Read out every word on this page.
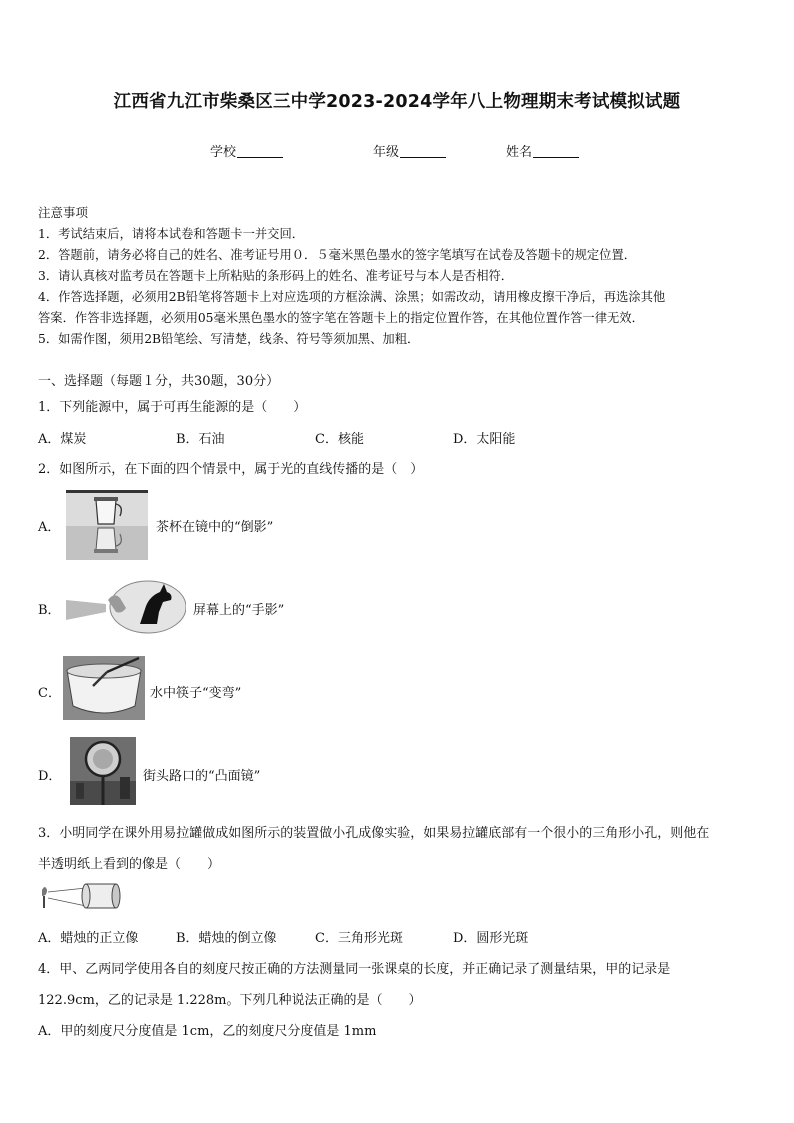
江西省九江市柴桑区三中学2023-2024学年八上物理期末考试模拟试题
学校	年级	姓名
注意事项
1．考试结束后，请将本试卷和答题卡一并交回．
2．答题前，请务必将自己的姓名、准考证号用０．５毫米黑色墨水的签字笔填写在试卷及答题卡的规定位置．
3．请认真核对监考员在答题卡上所粘贴的条形码上的姓名、准考证号与本人是否相符．
4．作答选择题，必须用2B铅笔将答题卡上对应选项的方框涂满、涂黑；如需改动，请用橡皮擦干净后，再选涂其他
答案．作答非选择题，必须用05毫米黑色墨水的签字笔在答题卡上的指定位置作答，在其他位置作答一律无效．
5．如需作图，须用2B铅笔绘、写清楚，线条、符号等须加黑、加粗．
一、选择题（每题１分，共30题，30分）
1．下列能源中，属于可再生能源的是（　　）
A．煤炭	B．石油	C．核能	D．太阳能
2．如图所示，在下面的四个情景中，属于光的直线传播的是（　）
A．	茶杯在镜中的“倒影”
B．	屏幕上的“手影”
C．	水中筷子“变弯”
D．	街头路口的“凸面镜”
3．小明同学在课外用易拉罐做成如图所示的装置做小孔成像实验，如果易拉罐底部有一个很小的三角形小孔，则他在
半透明纸上看到的像是（　　）
A．蜡烛的正立像	B．蜡烛的倒立像	C．三角形光斑	D．圆形光斑
4．甲、乙两同学使用各自的刻度尺按正确的方法测量同一张课桌的长度，并正确记录了测量结果，甲的记录是
122.9cm，乙的记录是 1.228m。下列几种说法正确的是（　　）
A．甲的刻度尺分度值是 1cm，乙的刻度尺分度值是 1mm
